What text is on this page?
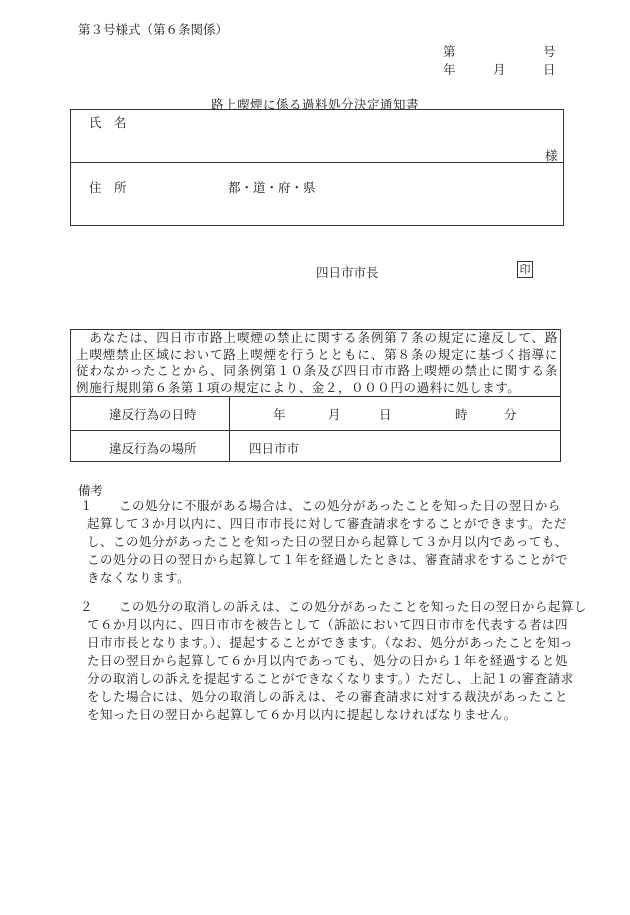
第３号様式（第６条関係）
第	号
年	月	日
路上喫煙に係る過料処分決定通知書
氏　名
様
住　所	都・道・府・県
四日市市長	印
　あなたは、四日市市路上喫煙の禁止に関する条例第７条の規定に違反して、路上喫煙禁止区域において路上喫煙を行うとともに、第８条の規定に基づく指導に従わなかったことから、同条例第１０条及び四日市市路上喫煙の禁止に関する条例施行規則第６条第１項の規定により、金２，０００円の過料に処します。
違反行為の日時	年	月	日	時	分
違反行為の場所	四日市市
備考
１　　 この処分に不服がある場合は、この処分があったことを知った日の翌日から
起算して３か月以内に、四日市市長に対して審査請求をすることができます。ただ
し、この処分があったことを知った日の翌日から起算して３か月以内であっても、
この処分の日の翌日から起算して１年を経過したときは、審査請求をすることがで
きなくなります。
２　　 この処分の取消しの訴えは、この処分があったことを知った日の翌日から起算し
て６か月以内に、四日市市を被告として（訴訟において四日市市を代表する者は四
日市市長となります。）、提起することができます。（なお、処分があったことを知っ
た日の翌日から起算して６か月以内であっても、処分の日から１年を経過すると処
分の取消しの訴えを提起することができなくなります。）ただし、上記１の審査請求
をした場合には、処分の取消しの訴えは、その審査請求に対する裁決があったこと
を知った日の翌日から起算して６か月以内に提起しなければなりません。
